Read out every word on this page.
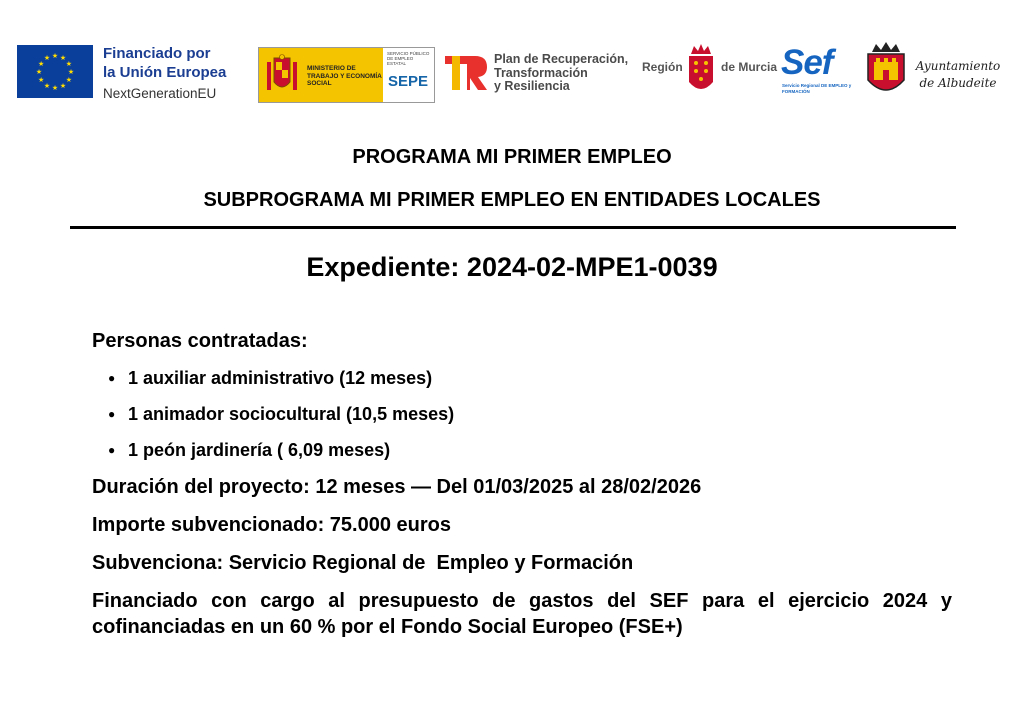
★ ★
★
★
★
★
★
★
★
★
★
★	Financiado por
la Unión Europea
NextGenerationEU
MINISTERIO DE TRABAJO Y ECONOMÍA SOCIAL
SERVICIO PÚBLICO DE EMPLEO ESTATAL
SEPE
Plan de Recuperación,
Transformación
y Resiliencia
Región	de Murcia Sef
Servicio Regional DE EMPLEO y FORMACIÓN
Ayuntamiento
de Albudeite
PROGRAMA MI PRIMER EMPLEO
SUBPROGRAMA MI PRIMER EMPLEO EN ENTIDADES LOCALES
Expediente: 2024-02-MPE1-0039

Personas contratadas:

● 1 auxiliar administrativo (12 meses)
● 1 animador sociocultural (10,5 meses)
● 1 peón jardinería ( 6,09 meses)

Duración del proyecto: 12 meses — Del 01/03/2025 al 28/02/2026

Importe subvencionado: 75.000 euros

Subvenciona: Servicio Regional de  Empleo y Formación

Financiado con cargo al presupuesto de gastos del SEF para el ejercicio 2024 y cofinanciadas en un 60 % por el Fondo Social Europeo (FSE+)
